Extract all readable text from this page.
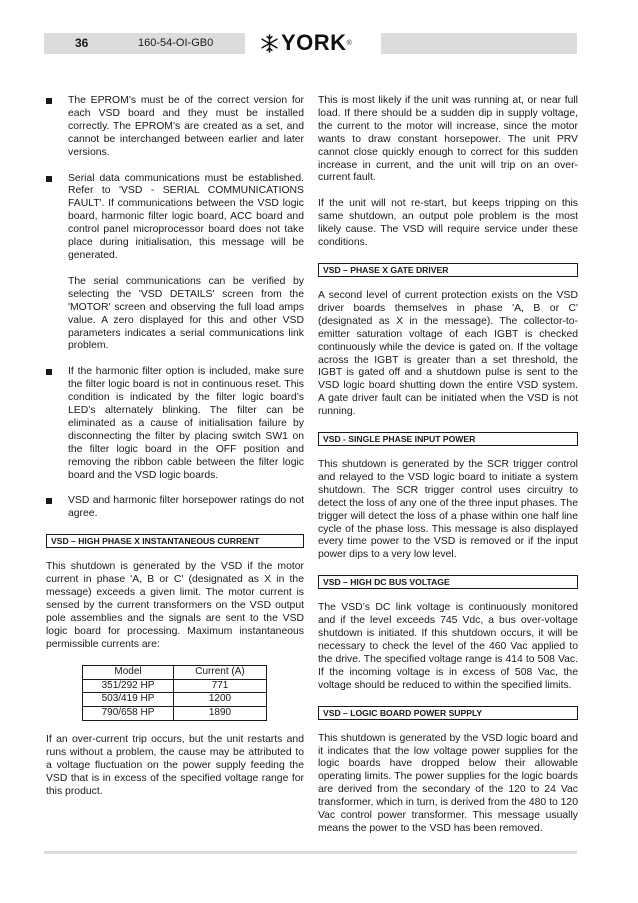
36	160-54-OI-GB0	YORK ®
The EPROM’s must be of the correct version for each VSD board and they must be installed correctly. The EPROM’s are created as a set, and cannot be interchanged between earlier and later versions.
Serial data communications must be established. Refer to 'VSD - SERIAL COMMUNICATIONS FAULT'. If communications between the VSD logic board, harmonic filter logic board, ACC board and control panel microprocessor board does not take place during initialisation, this message will be generated.
The serial communications can be verified by selecting the 'VSD DETAILS' screen from the 'MOTOR' screen and observing the full load amps value. A zero displayed for this and other VSD parameters indicates a serial communications link problem.
If the harmonic filter option is included, make sure the filter logic board is not in continuous reset. This condition is indicated by the filter logic board’s LED’s alternately blinking. The filter can be eliminated as a cause of initialisation failure by disconnecting the filter by placing switch SW1 on the filter logic board in the OFF position and removing the ribbon cable between the filter logic board and the VSD logic boards.
VSD and harmonic filter horsepower ratings do not agree.
VSD – HIGH PHASE X INSTANTANEOUS CURRENT

This shutdown is generated by the VSD if the motor current in phase 'A, B or C' (designated as X in the message) exceeds a given limit. The motor current is sensed by the current transformers on the VSD output pole assemblies and the signals are sent to the VSD logic board for processing. Maximum instantaneous permissible currents are:

Model	Current (A)
351/292 HP	771
503/419 HP	1200
790/658 HP	1890

If an over-current trip occurs, but the unit restarts and runs without a problem, the cause may be attributed to a voltage fluctuation on the power supply feeding the VSD that is in excess of the specified voltage range for this product.

This is most likely if the unit was running at, or near full load. If there should be a sudden dip in supply voltage, the current to the motor will increase, since the motor wants to draw constant horsepower. The unit PRV cannot close quickly enough to correct for this sudden increase in current, and the unit will trip on an over-current fault.

If the unit will not re-start, but keeps tripping on this same shutdown, an output pole problem is the most likely cause. The VSD will require service under these conditions.

VSD – PHASE X GATE DRIVER

A second level of current protection exists on the VSD driver boards themselves in phase 'A, B or C' (designated as X in the message). The collector-to-emitter saturation voltage of each IGBT is checked continuously while the device is gated on. If the voltage across the IGBT is greater than a set threshold, the IGBT is gated off and a shutdown pulse is sent to the VSD logic board shutting down the entire VSD system. A gate driver fault can be initiated when the VSD is not running.

VSD - SINGLE PHASE INPUT POWER

This shutdown is generated by the SCR trigger control and relayed to the VSD logic board to initiate a system shutdown. The SCR trigger control uses circuitry to detect the loss of any one of the three input phases. The trigger will detect the loss of a phase within one half line cycle of the phase loss. This message is also displayed every time power to the VSD is removed or if the input power dips to a very low level.

VSD – HIGH DC BUS VOLTAGE

The VSD’s DC link voltage is continuously monitored and if the level exceeds 745 Vdc, a bus over-voltage shutdown is initiated. If this shutdown occurs, it will be necessary to check the level of the 460 Vac applied to the drive. The specified voltage range is 414 to 508 Vac. If the incoming voltage is in excess of 508 Vac, the voltage should be reduced to within the specified limits.

VSD – LOGIC BOARD POWER SUPPLY

This shutdown is generated by the VSD logic board and it indicates that the low voltage power supplies for the logic boards have dropped below their allowable operating limits. The power supplies for the logic boards are derived from the secondary of the 120 to 24 Vac transformer, which in turn, is derived from the 480 to 120 Vac control power transformer. This message usually means the power to the VSD has been removed.
